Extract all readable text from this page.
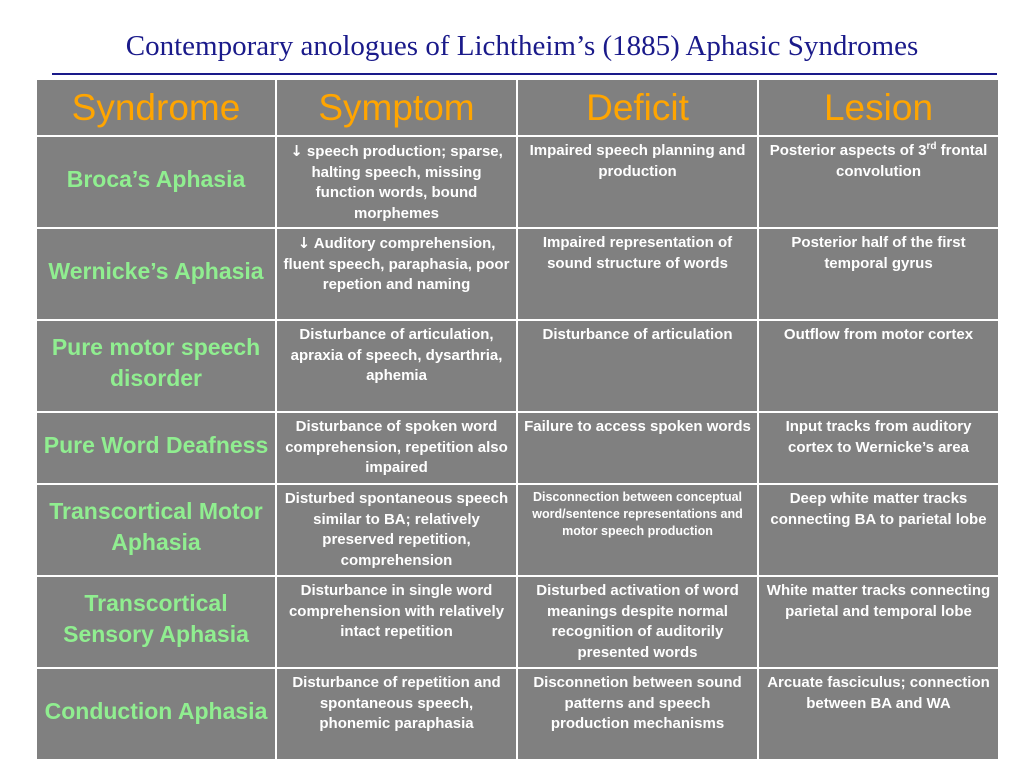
Contemporary anologues of Lichtheim’s (1885) Aphasic Syndromes
Syndrome	Symptom	Deficit	Lesion
Broca’s Aphasia	↓ speech production; sparse, halting speech, missing function words, bound morphemes	Impaired speech planning and production	Posterior aspects of 3rd frontal convolution
Wernicke’s Aphasia	↓ Auditory comprehension, fluent speech, paraphasia, poor repetion and naming	Impaired representation of sound structure of words	Posterior half of the first temporal gyrus
Pure motor speech disorder	Disturbance of articulation, apraxia of speech, dysarthria, aphemia	Disturbance of articulation	Outflow from motor cortex
Pure Word Deafness	Disturbance of spoken word comprehension, repetition also impaired	Failure to access spoken words	Input tracks from auditory cortex to Wernicke’s area
Transcortical Motor Aphasia	Disturbed spontaneous speech similar to BA; relatively preserved repetition, comprehension	Disconnection between conceptual word/sentence representations and motor speech production	Deep white matter tracks connecting BA to parietal lobe
Transcortical Sensory Aphasia	Disturbance in single word comprehension with relatively intact repetition	Disturbed activation of word meanings despite normal recognition of auditorily presented words	White matter tracks connecting parietal and temporal lobe
Conduction Aphasia	Disturbance of repetition and spontaneous speech, phonemic paraphasia	Disconnetion between sound patterns and speech production mechanisms	Arcuate fasciculus; connection between BA and WA
